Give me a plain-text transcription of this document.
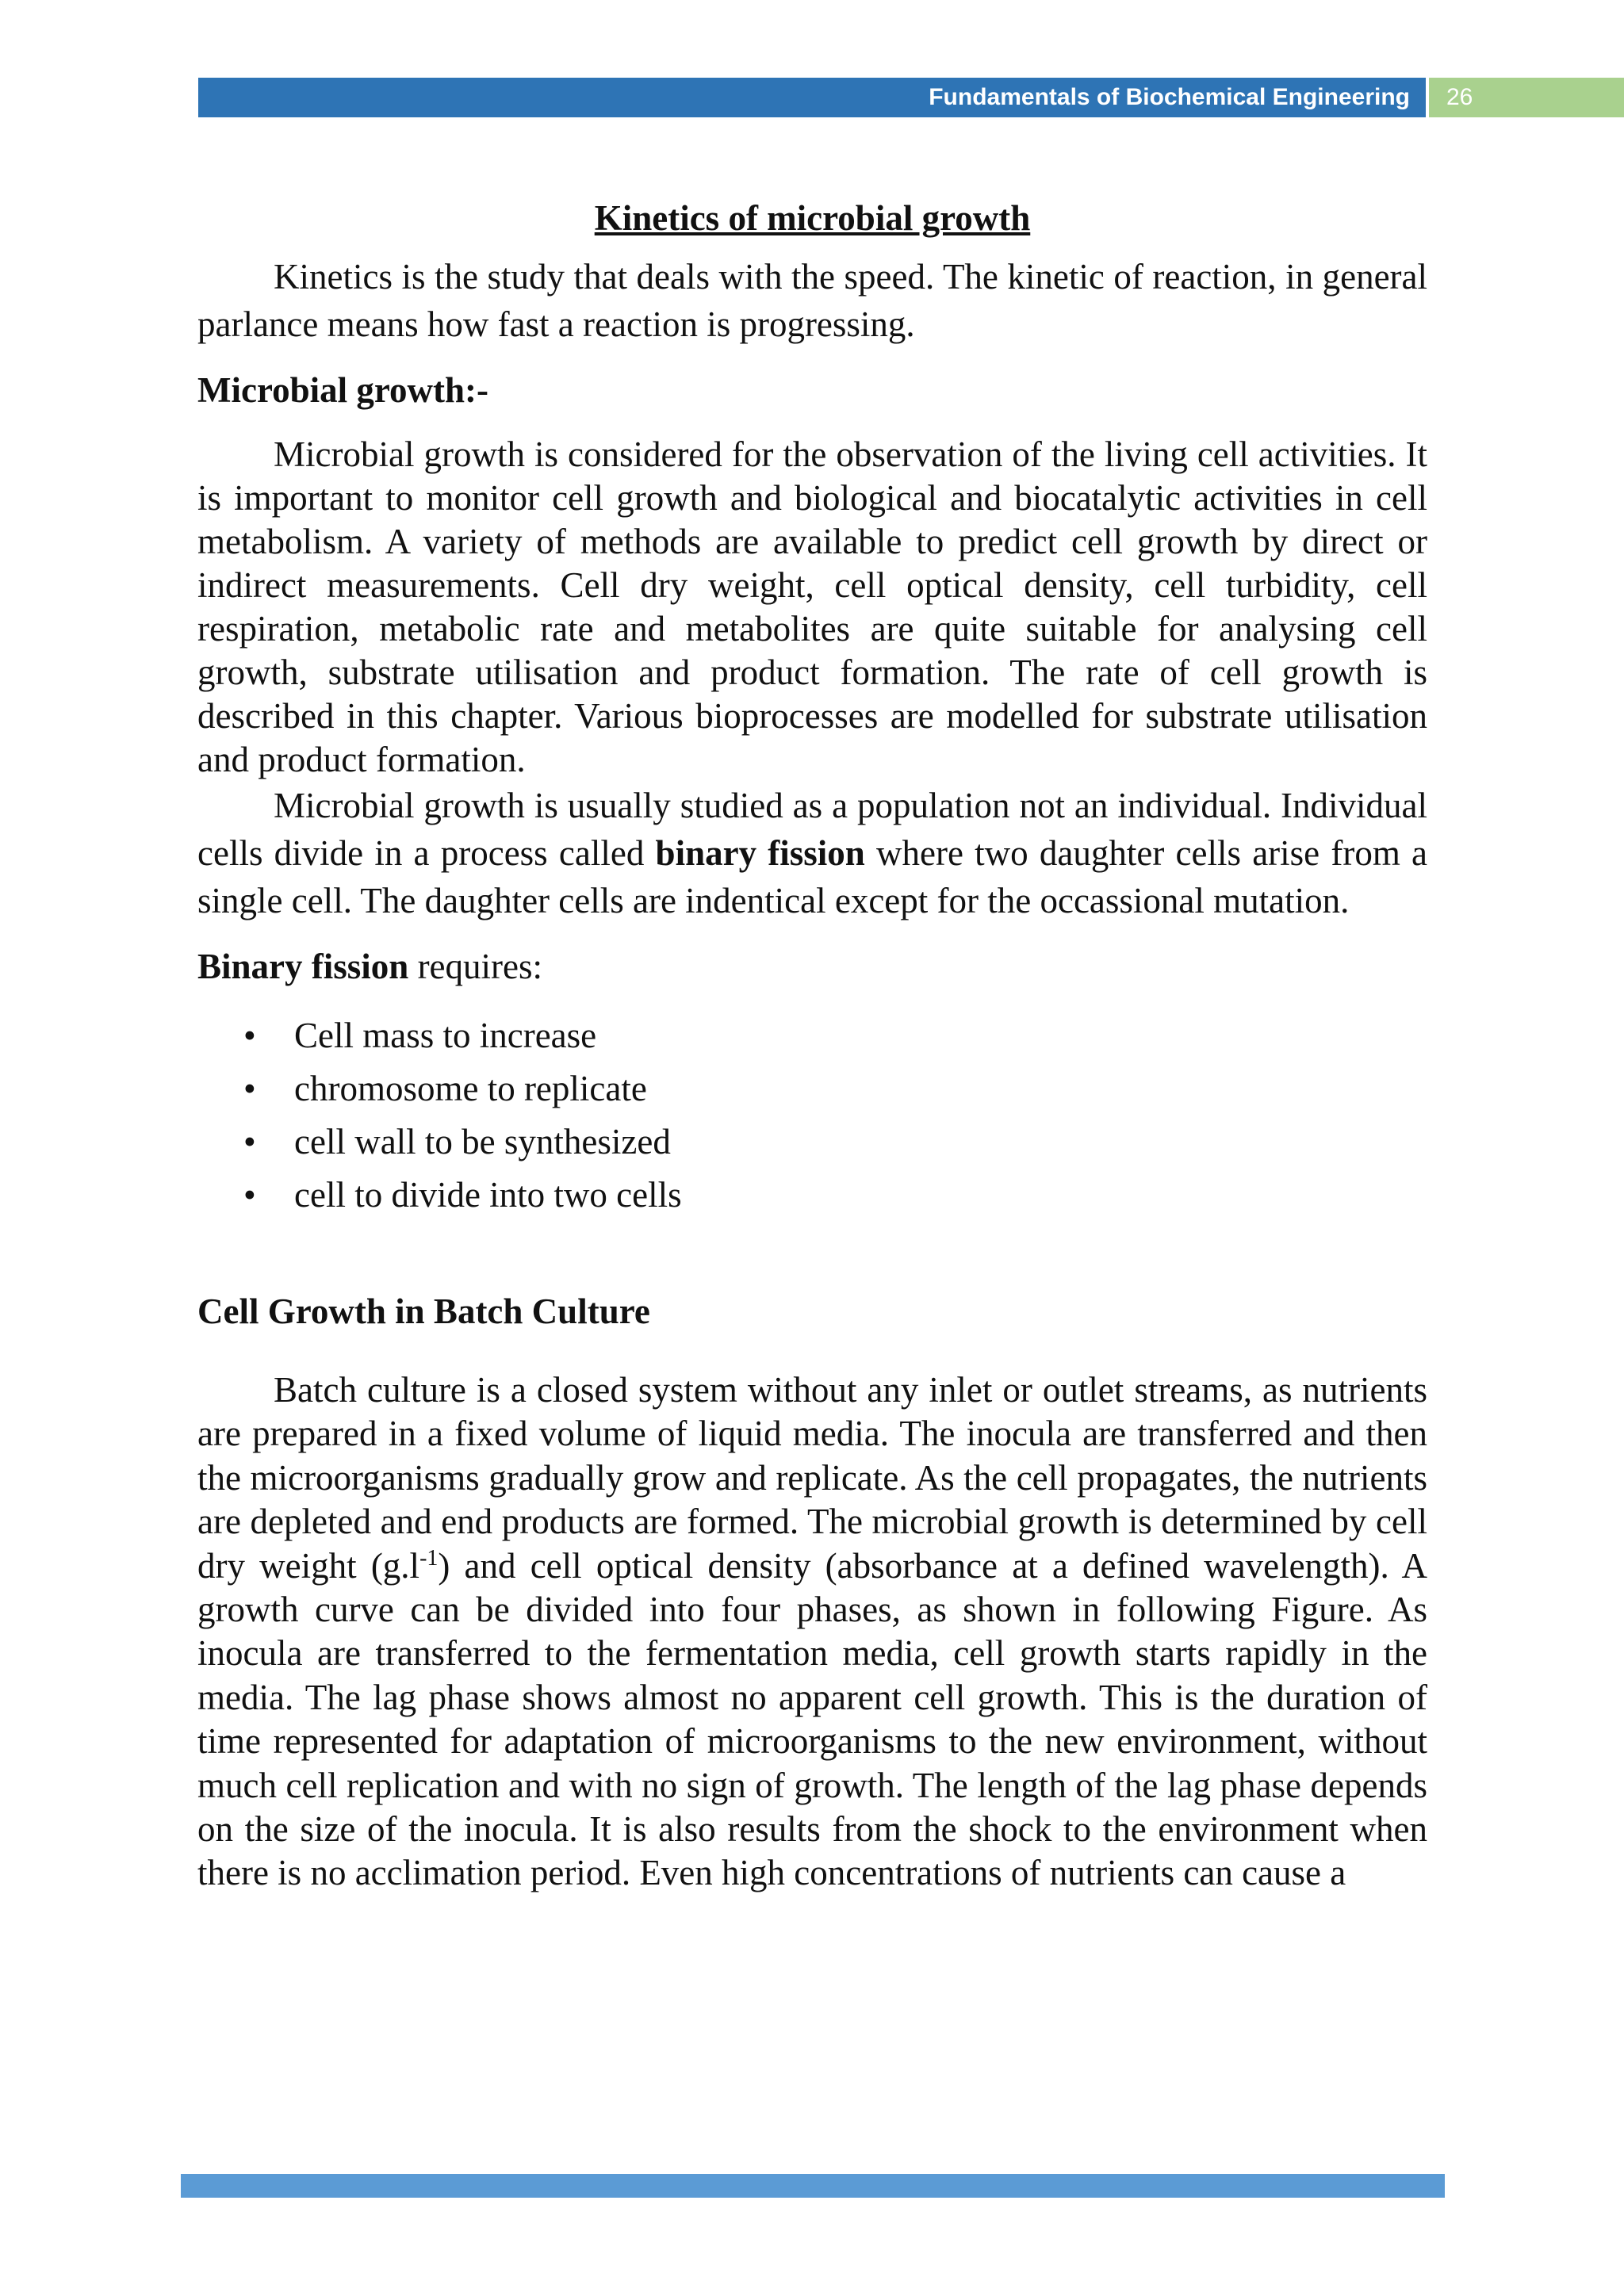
Fundamentals of Biochemical Engineering 26
Kinetics of microbial growth

Kinetics is the study that deals with the speed. The kinetic of reaction, in general parlance means how fast a reaction is progressing.

Microbial growth:-

Microbial growth is considered for the observation of the living cell activities. It is important to monitor cell growth and biological and biocatalytic activities in cell metabolism. A variety of methods are available to predict cell growth by direct or indirect measurements. Cell dry weight, cell optical density, cell turbidity, cell respiration, metabolic rate and metabolites are quite suitable for analysing cell growth, substrate utilisation and product formation. The rate of cell growth is described in this chapter. Various bioprocesses are modelled for substrate utilisation and product formation.

Microbial growth is usually studied as a population not an individual. Individual cells divide in a process called binary fission where two daughter cells arise from a single cell. The daughter cells are indentical except for the occassional mutation.

Binary fission requires:

• Cell mass to increase
• chromosome to replicate
• cell wall to be synthesized
• cell to divide into two cells
Cell Growth in Batch Culture

Batch culture is a closed system without any inlet or outlet streams, as nutrients are prepared in a fixed volume of liquid media. The inocula are transferred and then the microorganisms gradually grow and replicate. As the cell propagates, the nutrients are depleted and end products are formed. The microbial growth is determined by cell dry weight $(g.l^{-1})$ and cell optical density (absorbance at a defined wavelength). A growth curve can be divided into four phases, as shown in following Figure. As inocula are transferred to the fermentation media, cell growth starts rapidly in the media. The lag phase shows almost no apparent cell growth. This is the duration of time represented for adaptation of microorganisms to the new environment, without much cell replication and with no sign of growth. The length of the lag phase depends on the size of the inocula. It is also results from the shock to the environment when there is no acclimation period. Even high concentrations of nutrients can cause a
